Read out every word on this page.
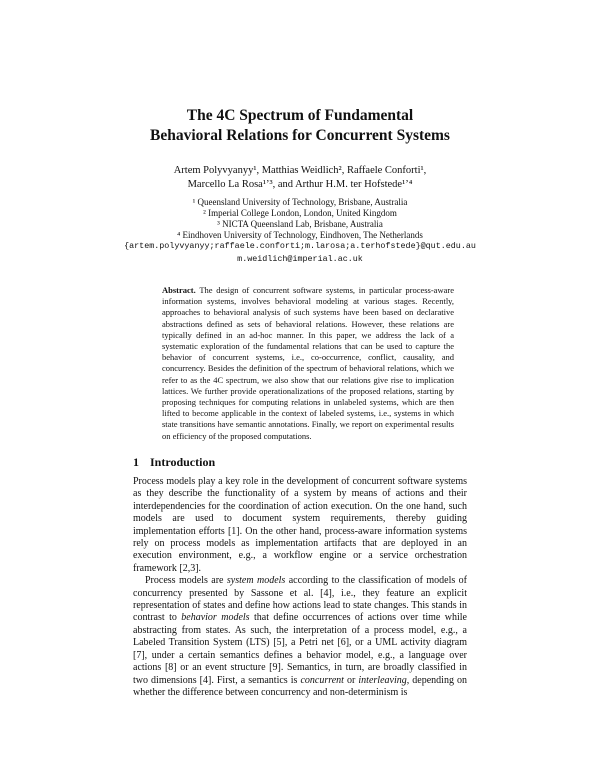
The 4C Spectrum of Fundamental
Behavioral Relations for Concurrent Systems
Artem Polyvyanyy¹, Matthias Weidlich², Raffaele Conforti¹,
Marcello La Rosa¹ʼ³, and Arthur H.M. ter Hofstede¹ʼ⁴
¹ Queensland University of Technology, Brisbane, Australia
² Imperial College London, London, United Kingdom
³ NICTA Queensland Lab, Brisbane, Australia
⁴ Eindhoven University of Technology, Eindhoven, The Netherlands
{artem.polyvyanyy;raffaele.conforti;m.larosa;a.terhofstede}@qut.edu.au
m.weidlich@imperial.ac.uk
Abstract. The design of concurrent software systems, in particular process-aware information systems, involves behavioral modeling at various stages. Recently, approaches to behavioral analysis of such systems have been based on declarative abstractions defined as sets of behavioral relations. However, these relations are typically defined in an ad-hoc manner. In this paper, we address the lack of a systematic exploration of the fundamental relations that can be used to capture the behavior of concurrent systems, i.e., co-occurrence, conflict, causality, and concurrency. Besides the definition of the spectrum of behavioral relations, which we refer to as the 4C spectrum, we also show that our relations give rise to implication lattices. We further provide operationalizations of the proposed relations, starting by proposing techniques for computing relations in unlabeled systems, which are then lifted to become applicable in the context of labeled systems, i.e., systems in which state transitions have semantic annotations. Finally, we report on experimental results on efficiency of the proposed computations.
1 Introduction

Process models play a key role in the development of concurrent software systems as they describe the functionality of a system by means of actions and their interdependencies for the coordination of action execution. On the one hand, such models are used to document system requirements, thereby guiding implementation efforts [1]. On the other hand, process-aware information systems rely on process models as implementation artifacts that are deployed in an execution environment, e.g., a workflow engine or a service orchestration framework [2,3].

Process models are system models according to the classification of models of concurrency presented by Sassone et al. [4], i.e., they feature an explicit representation of states and define how actions lead to state changes. This stands in contrast to behavior models that define occurrences of actions over time while abstracting from states. As such, the interpretation of a process model, e.g., a Labeled Transition System (LTS) [5], a Petri net [6], or a UML activity diagram [7], under a certain semantics defines a behavior model, e.g., a language over actions [8] or an event structure [9]. Semantics, in turn, are broadly classified in two dimensions [4]. First, a semantics is concurrent or interleaving, depending on whether the difference between concurrency and non-determinism is
